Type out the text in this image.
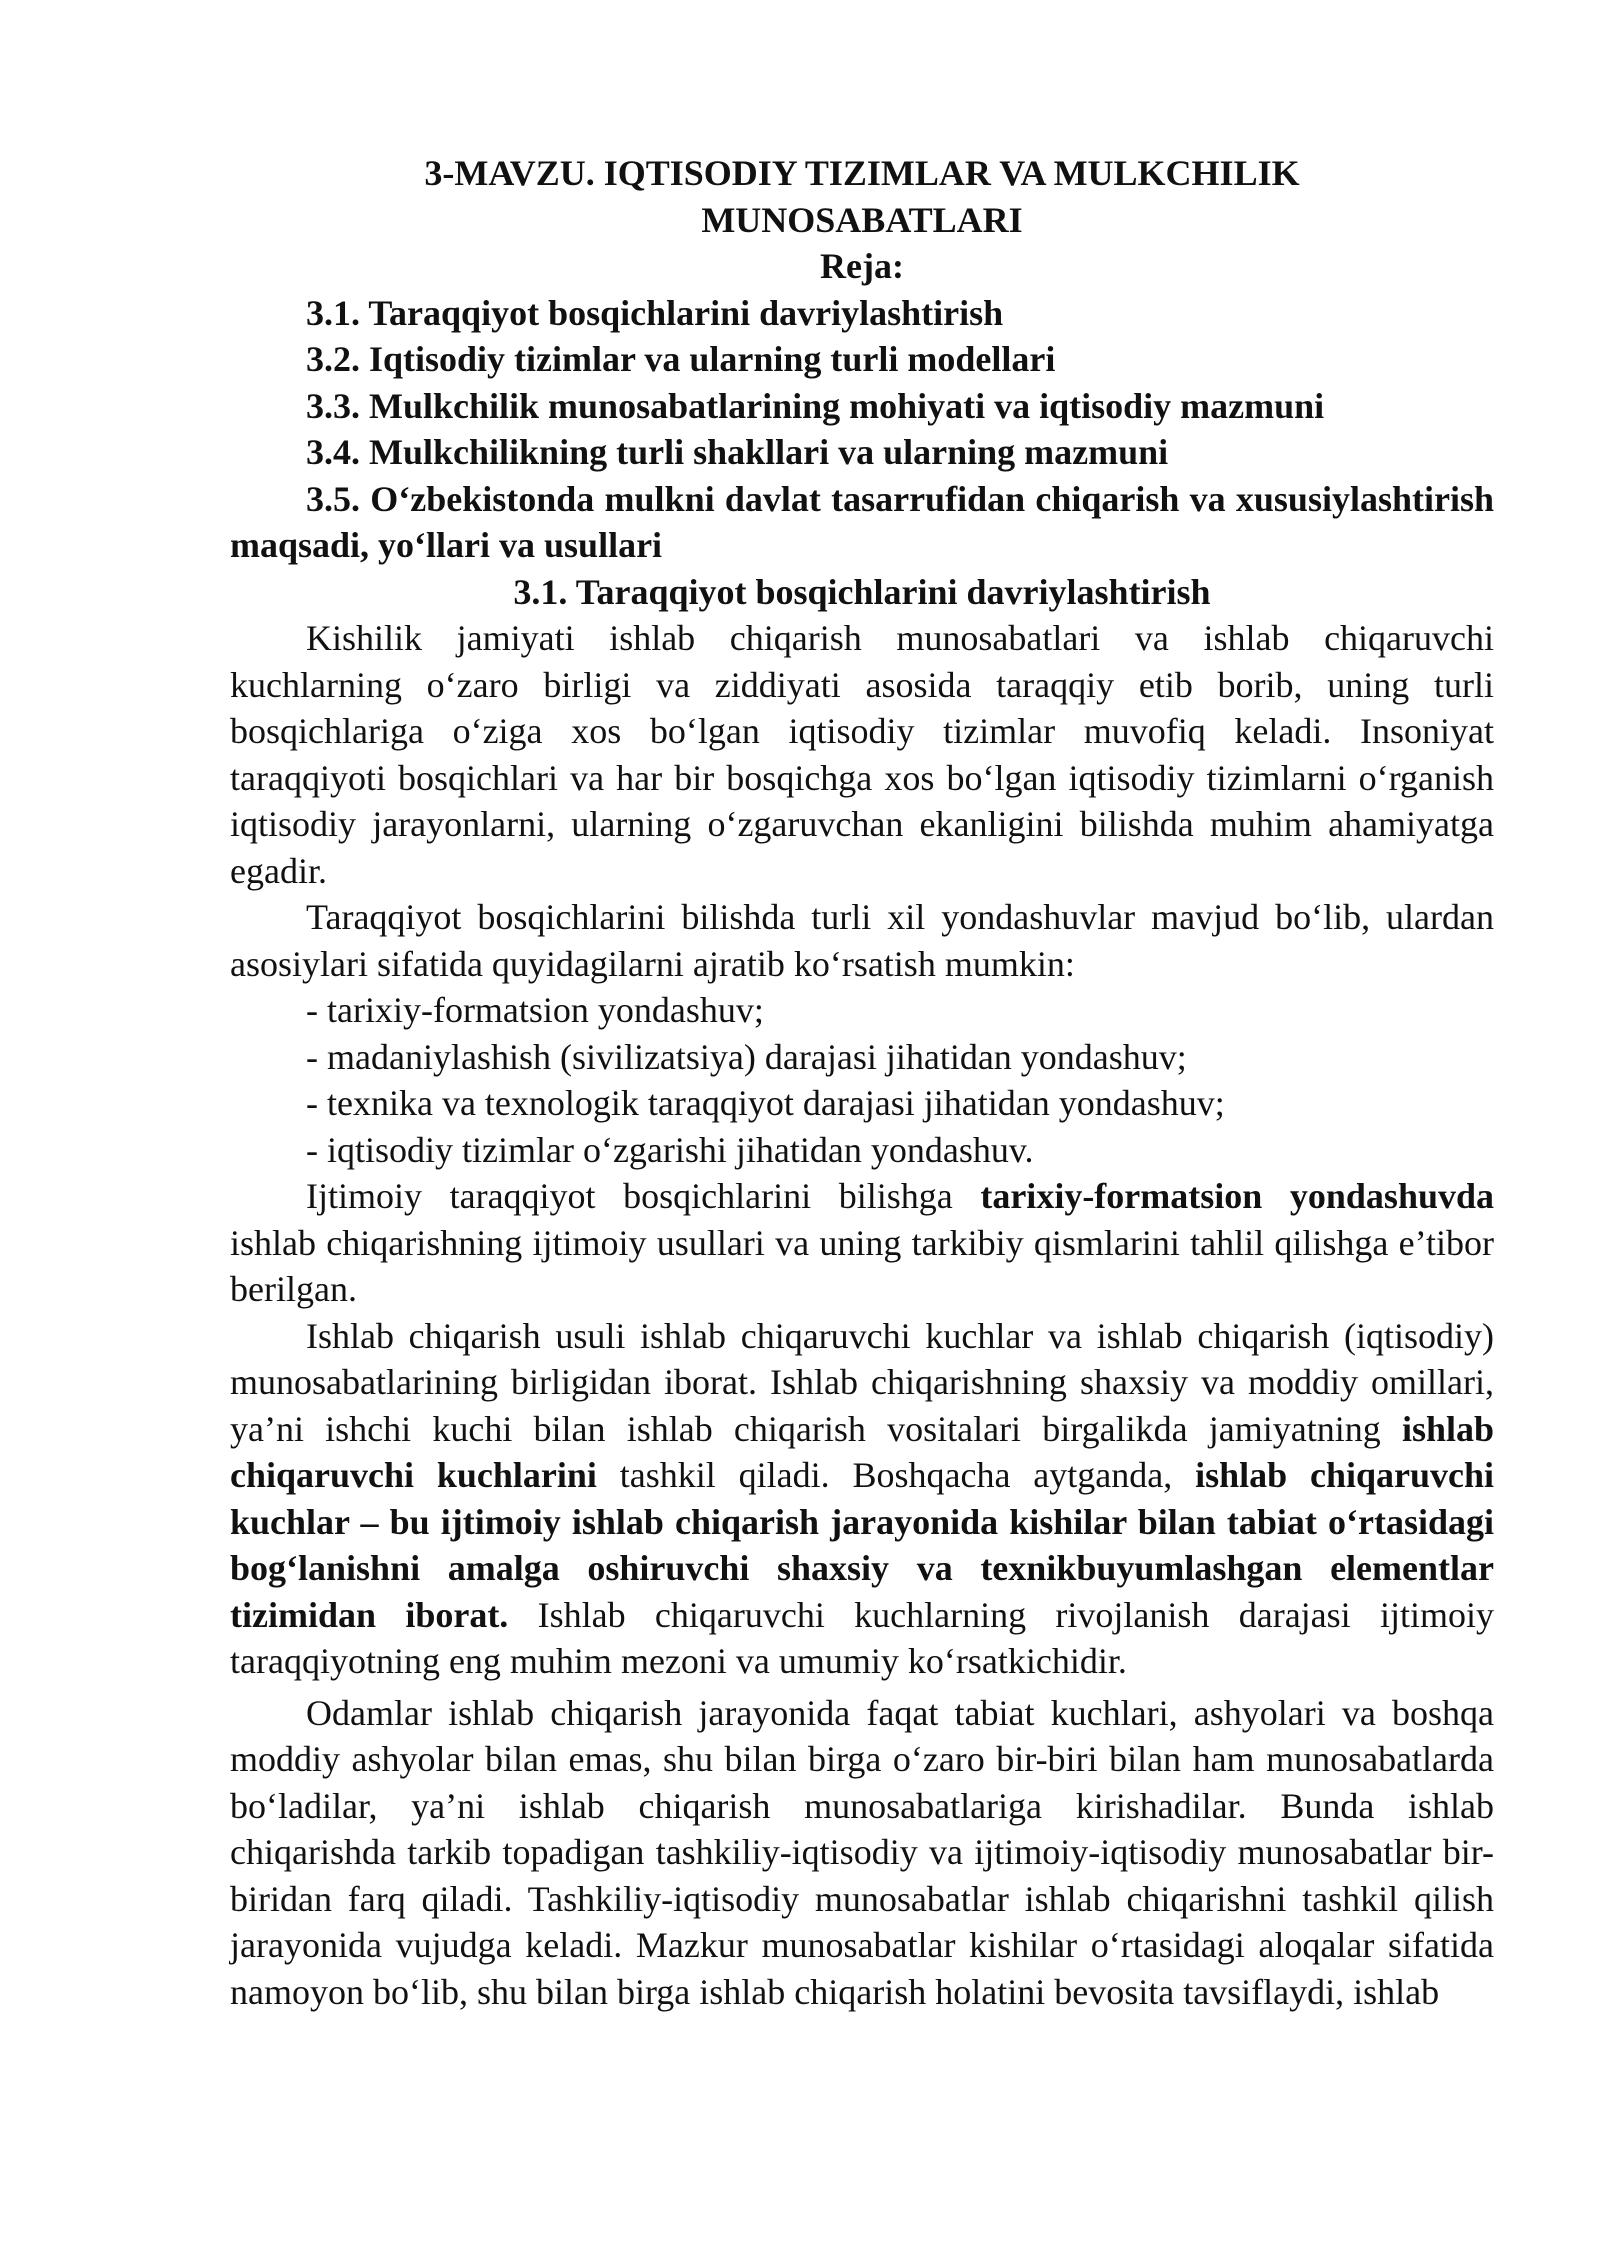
3-MAVZU. IQTISODIY TIZIMLAR VA MULKCHILIK

MUNOSABATLARI

Reja:

3.1. Taraqqiyot bosqichlarini davriylashtirish

3.2. Iqtisodiy tizimlar va ularning turli modellari

3.3. Mulkchilik munosabatlarining mohiyati va iqtisodiy mazmuni

3.4. Mulkchilikning turli shakllari va ularning mazmuni

3.5. O‘zbekistonda mulkni davlat tasarrufidan chiqarish va xususiylashtirish maqsadi, yo‘llari va usullari

3.1. Taraqqiyot bosqichlarini davriylashtirish

Kishilik jamiyati ishlab chiqarish munosabatlari va ishlab chiqaruvchi kuchlarning o‘zaro birligi va ziddiyati asosida taraqqiy etib borib, uning turli bosqichlariga o‘ziga xos bo‘lgan iqtisodiy tizimlar muvofiq keladi. Insoniyat taraqqiyoti bosqichlari va har bir bosqichga xos bo‘lgan iqtisodiy tizimlarni o‘rganish iqtisodiy jarayonlarni, ularning o‘zgaruvchan ekanligini bilishda muhim ahamiyatga egadir.

Taraqqiyot bosqichlarini bilishda turli xil yondashuvlar mavjud bo‘lib, ulardan asosiylari sifatida quyidagilarni ajratib ko‘rsatish mumkin:

- tarixiy-formatsion yondashuv;

- madaniylashish (sivilizatsiya) darajasi jihatidan yondashuv;

- texnika va texnologik taraqqiyot darajasi jihatidan yondashuv;

- iqtisodiy tizimlar o‘zgarishi jihatidan yondashuv.

Ijtimoiy taraqqiyot bosqichlarini bilishga tarixiy-formatsion yondashuvda ishlab chiqarishning ijtimoiy usullari va uning tarkibiy qismlarini tahlil qilishga e’tibor berilgan.

Ishlab chiqarish usuli ishlab chiqaruvchi kuchlar va ishlab chiqarish (iqtisodiy) munosabatlarining birligidan iborat. Ishlab chiqarishning shaxsiy va moddiy omillari, ya’ni ishchi kuchi bilan ishlab chiqarish vositalari birgalikda jamiyatning ishlab chiqaruvchi kuchlarini tashkil qiladi. Boshqacha aytganda, ishlab chiqaruvchi kuchlar – bu ijtimoiy ishlab chiqarish jarayonida kishilar bilan tabiat o‘rtasidagi bog‘lanishni amalga oshiruvchi shaxsiy va texnikbuyumlashgan elementlar tizimidan iborat. Ishlab chiqaruvchi kuchlarning rivojlanish darajasi ijtimoiy taraqqiyotning eng muhim mezoni va umumiy ko‘rsatkichidir.

Odamlar ishlab chiqarish jarayonida faqat tabiat kuchlari, ashyolari va boshqa moddiy ashyolar bilan emas, shu bilan birga o‘zaro bir-biri bilan ham munosabatlarda bo‘ladilar, ya’ni ishlab chiqarish munosabatlariga kirishadilar. Bunda ishlab chiqarishda tarkib topadigan tashkiliy-iqtisodiy va ijtimoiy-iqtisodiy munosabatlar bir-biridan farq qiladi. Tashkiliy-iqtisodiy munosabatlar ishlab chiqarishni tashkil qilish jarayonida vujudga keladi. Mazkur munosabatlar kishilar o‘rtasidagi aloqalar sifatida namoyon bo‘lib, shu bilan birga ishlab chiqarish holatini bevosita tavsiflaydi, ishlab
